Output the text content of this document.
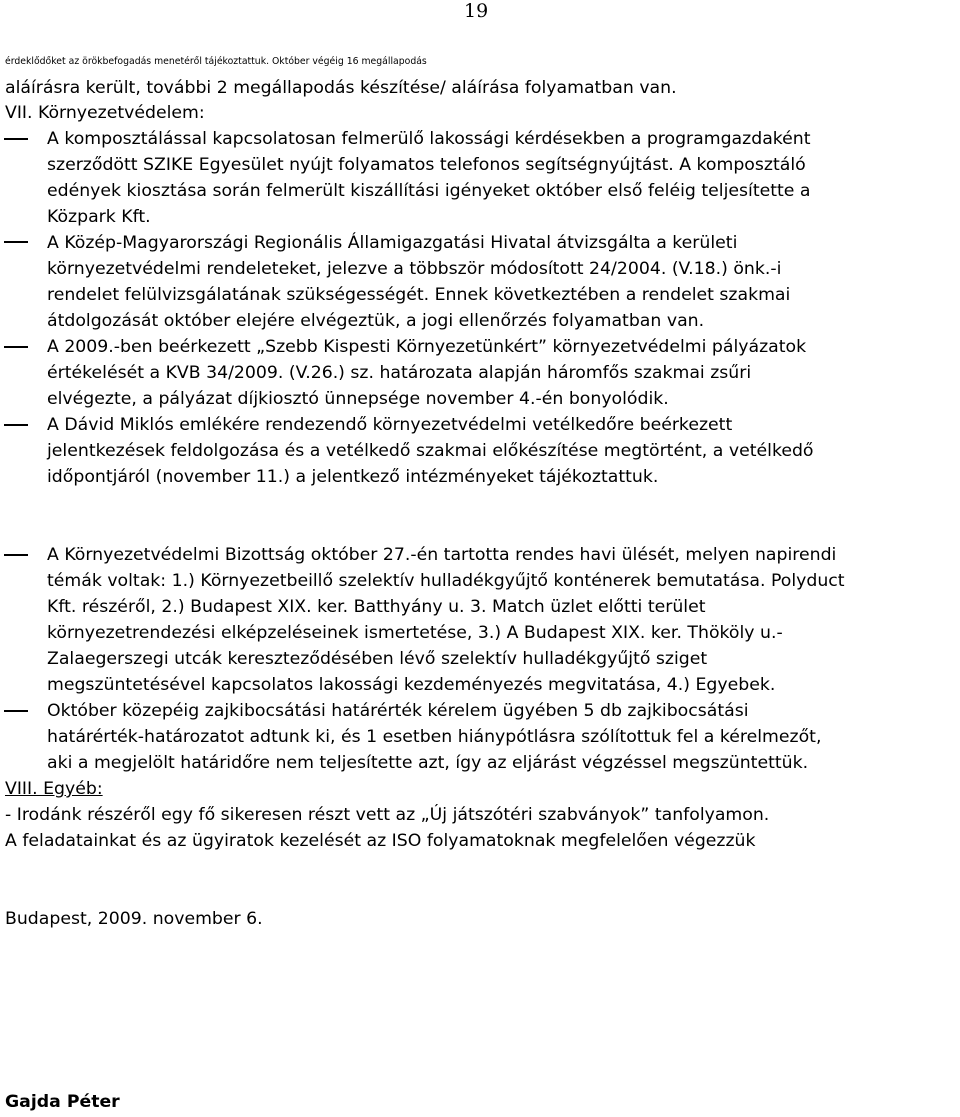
19
érdeklődőket az örökbefogadás menetéről tájékoztattuk. Október végéig 16 megállapodás
aláírásra került, további 2 megállapodás készítése/ aláírása folyamatban van.
VII. Környezetvédelem:
A komposztálással kapcsolatosan felmerülő lakossági kérdésekben a programgazdaként
szerződött SZIKE Egyesület nyújt folyamatos telefonos segítségnyújtást. A komposztáló
edények kiosztása során felmerült kiszállítási igényeket október első feléig teljesítette a
Közpark Kft.
A Közép-Magyarországi Regionális Államigazgatási Hivatal átvizsgálta a kerületi
környezetvédelmi rendeleteket, jelezve a többször módosított 24/2004. (V.18.) önk.-i
rendelet felülvizsgálatának szükségességét. Ennek következtében a rendelet szakmai
átdolgozását október elejére elvégeztük, a jogi ellenőrzés folyamatban van.
A 2009.-ben beérkezett „Szebb Kispesti Környezetünkért” környezetvédelmi pályázatok
értékelését a KVB 34/2009. (V.26.) sz. határozata alapján háromfős szakmai zsűri
elvégezte, a pályázat díjkiosztó ünnepsége november 4.-én bonyolódik.
A Dávid Miklós emlékére rendezendő környezetvédelmi vetélkedőre beérkezett
jelentkezések feldolgozása és a vetélkedő szakmai előkészítése megtörtént, a vetélkedő
időpontjáról (november 11.) a jelentkező intézményeket tájékoztattuk.
A Környezetvédelmi Bizottság október 27.-én tartotta rendes havi ülését, melyen napirendi
témák voltak: 1.) Környezetbeillő szelektív hulladékgyűjtő konténerek bemutatása. Polyduct
Kft. részéről, 2.) Budapest XIX. ker. Batthyány u. 3. Match üzlet előtti terület
környezetrendezési elképzeléseinek ismertetése, 3.) A Budapest XIX. ker. Thököly u.-
Zalaegerszegi utcák kereszteződésében lévő szelektív hulladékgyűjtő sziget
megszüntetésével kapcsolatos lakossági kezdeményezés megvitatása, 4.) Egyebek.
Október közepéig zajkibocsátási határérték kérelem ügyében 5 db zajkibocsátási
határérték-határozatot adtunk ki, és 1 esetben hiánypótlásra szólítottuk fel a kérelmezőt,
aki a megjelölt határidőre nem teljesítette azt, így az eljárást végzéssel megszüntettük.
VIII. Egyéb:
- Irodánk részéről egy fő sikeresen részt vett az „Új játszótéri szabványok” tanfolyamon.
A feladatainkat és az ügyiratok kezelését az ISO folyamatoknak megfelelően végezzük
Budapest, 2009. november 6.
Gajda Péter
